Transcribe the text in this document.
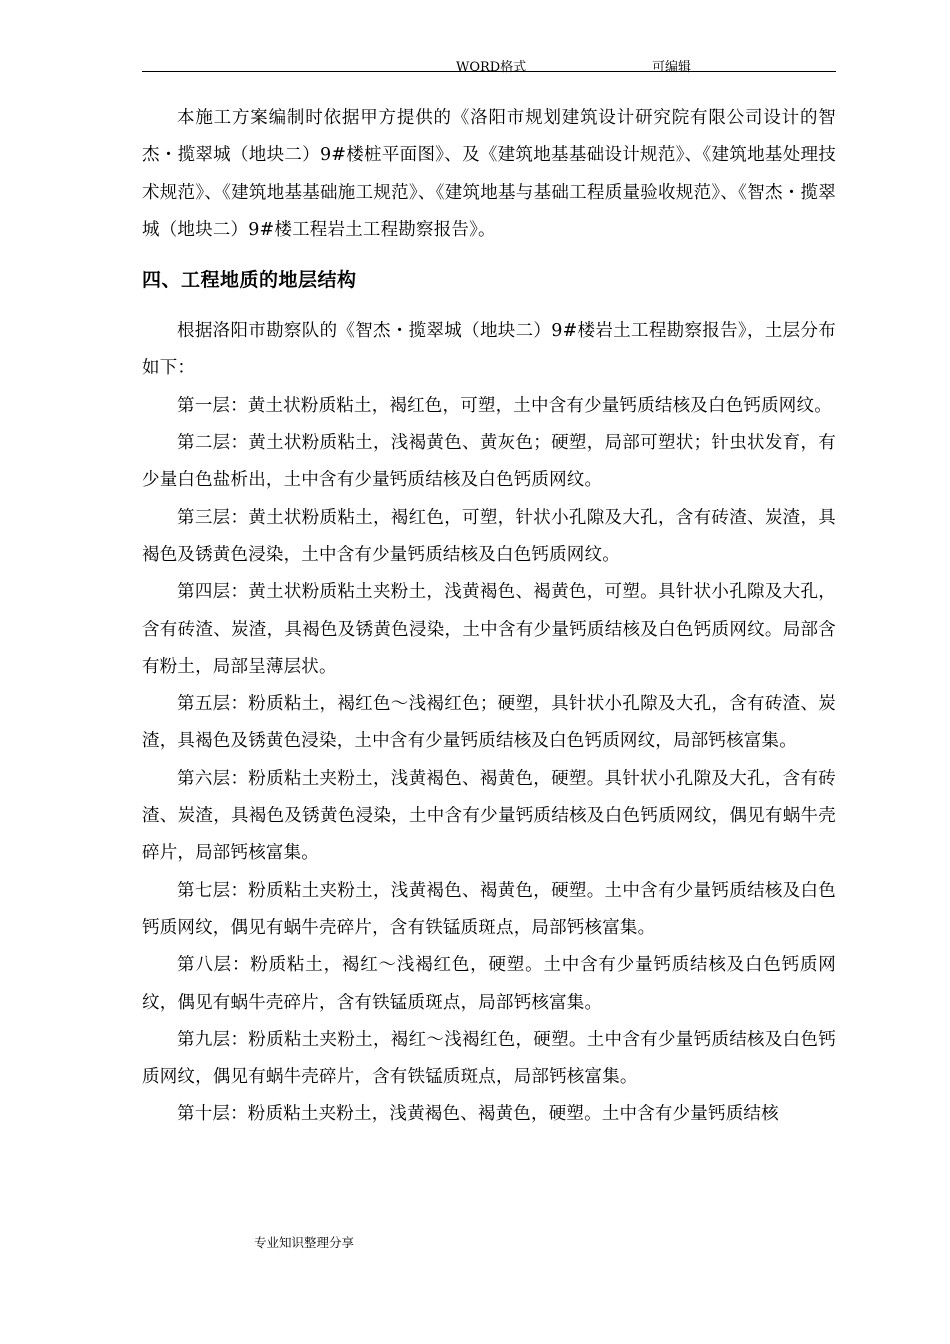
WORD格式	可编辑

本施工方案编制时依据甲方提供的《洛阳市规划建筑设计研究院有限公司设计的智杰・揽翠城（地块二）9#楼桩平面图》、及《建筑地基基础设计规范》、《建筑地基处理技术规范》、《建筑地基基础施工规范》、《建筑地基与基础工程质量验收规范》、《智杰・揽翠城（地块二）9#楼工程岩土工程勘察报告》。

四、工程地质的地层结构

根据洛阳市勘察队的《智杰・揽翠城（地块二）9#楼岩土工程勘察报告》，土层分布如下：

第一层：黄土状粉质粘土，褐红色，可塑，土中含有少量钙质结核及白色钙质网纹。

第二层：黄土状粉质粘土，浅褐黄色、黄灰色；硬塑，局部可塑状；针虫状发育，有少量白色盐析出，土中含有少量钙质结核及白色钙质网纹。

第三层：黄土状粉质粘土，褐红色，可塑，针状小孔隙及大孔，含有砖渣、炭渣，具褐色及锈黄色浸染，土中含有少量钙质结核及白色钙质网纹。

第四层：黄土状粉质粘土夹粉土，浅黄褐色、褐黄色，可塑。具针状小孔隙及大孔，含有砖渣、炭渣，具褐色及锈黄色浸染，土中含有少量钙质结核及白色钙质网纹。局部含有粉土，局部呈薄层状。

第五层：粉质粘土，褐红色～浅褐红色；硬塑，具针状小孔隙及大孔，含有砖渣、炭渣，具褐色及锈黄色浸染，土中含有少量钙质结核及白色钙质网纹，局部钙核富集。

第六层：粉质粘土夹粉土，浅黄褐色、褐黄色，硬塑。具针状小孔隙及大孔，含有砖渣、炭渣，具褐色及锈黄色浸染，土中含有少量钙质结核及白色钙质网纹，偶见有蜗牛壳碎片，局部钙核富集。

第七层：粉质粘土夹粉土，浅黄褐色、褐黄色，硬塑。土中含有少量钙质结核及白色钙质网纹，偶见有蜗牛壳碎片，含有铁锰质斑点，局部钙核富集。

第八层：粉质粘土，褐红～浅褐红色，硬塑。土中含有少量钙质结核及白色钙质网纹，偶见有蜗牛壳碎片，含有铁锰质斑点，局部钙核富集。

第九层：粉质粘土夹粉土，褐红～浅褐红色，硬塑。土中含有少量钙质结核及白色钙质网纹，偶见有蜗牛壳碎片，含有铁锰质斑点，局部钙核富集。

第十层：粉质粘土夹粉土，浅黄褐色、褐黄色，硬塑。土中含有少量钙质结核

专业知识整理分享
